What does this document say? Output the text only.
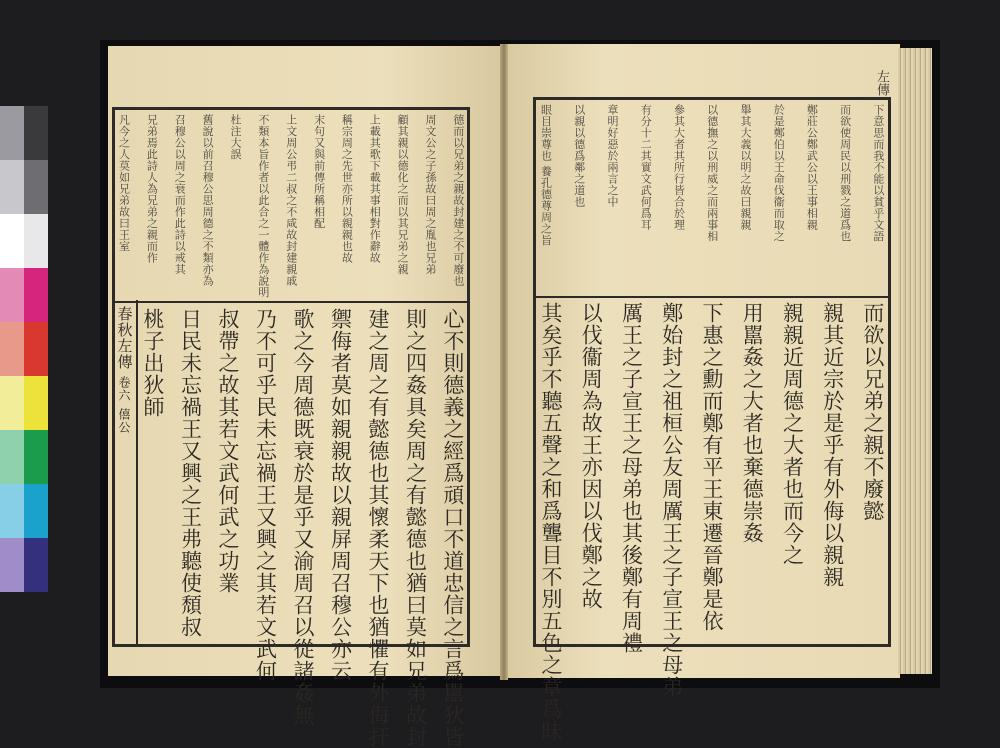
春秋左傳
卷六
僖公
德而以兄弟之親故封建之不可廢也
周文公之子孫故曰周之胤也兄弟
顧其親以德化之而以其兄弟之親
上載其歌下載其事相對作辭故
稱宗周之先世亦所以親親也故
末句又與前傳所稱相配
上文周公弔二叔之不咸故封建親戚
不類本旨作者以此合之一體作為說明
杜注大誤
舊說以前召穆公思周德之不類亦為
召穆公以周之衰而作此詩以戒其
兄弟焉此詩人為兄弟之親而作
凡今之人莫如兄弟故曰王室
心不則德義之經爲頑口不道忠信之言爲嚚狄皆
則之四姦具矣周之有懿德也猶曰莫如兄弟故封
建之周之有懿德也其懷柔天下也猶懼有外侮扞
禦侮者莫如親親故以親屏周召穆公亦云
歌之今周德既衰於是乎又渝周召以從諸姦無
乃不可乎民未忘禍王又興之其若文武何
叔帶之故其若文武何武之功業
日民未忘禍王又興之王弗聽使頹叔
桃子出狄師
左傳
下意思而我不能以貧乎文語
而欲使周民以刑戮之道爲也
鄭莊公鄭武公以王事相親
於是鄭伯以王命伐衞而取之
舉其大義以明之故曰親親
以德撫之以刑威之而兩事相
參其大者其所行皆合於理
有分十二其實文武何爲耳
章明好惡於兩言之中
以親以德爲鄰之道也
眼目崇尊也 養孔德尊周之旨
而欲以兄弟之親不廢懿
親其近宗於是乎有外侮以親親
親親近周德之大者也而今之
用嚚姦之大者也棄德崇姦
下惠之勳而鄭有平王東遷晉鄭是依
鄭始封之祖桓公友周厲王之子宣王之母弟
厲王之子宣王之母弟也其後鄭有周禮
以伐衞周為故王亦因以伐鄭之故
其矣乎不聽五聲之和爲聾目不別五色之章爲昧
